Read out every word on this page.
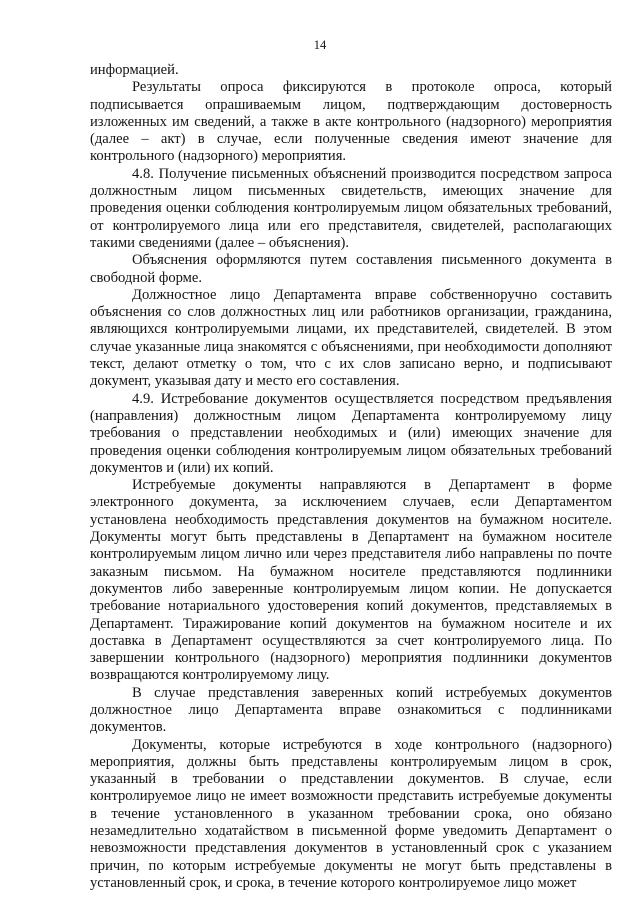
14

информацией.

Результаты опроса фиксируются в протоколе опроса, который подписывается опрашиваемым лицом, подтверждающим достоверность изложенных им сведений, а также в акте контрольного (надзорного) мероприятия (далее – акт) в случае, если полученные сведения имеют значение для контрольного (надзорного) мероприятия.

4.8. Получение письменных объяснений производится посредством запроса должностным лицом письменных свидетельств, имеющих значение для проведения оценки соблюдения контролируемым лицом обязательных требований, от контролируемого лица или его представителя, свидетелей, располагающих такими сведениями (далее – объяснения).

Объяснения оформляются путем составления письменного документа в свободной форме.

Должностное лицо Департамента вправе собственноручно составить объяснения со слов должностных лиц или работников организации, гражданина, являющихся контролируемыми лицами, их представителей, свидетелей. В этом случае указанные лица знакомятся с объяснениями, при необходимости дополняют текст, делают отметку о том, что с их слов записано верно, и подписывают документ, указывая дату и место его составления.

4.9. Истребование документов осуществляется посредством предъявления (направления) должностным лицом Департамента контролируемому лицу требования о представлении необходимых и (или) имеющих значение для проведения оценки соблюдения контролируемым лицом обязательных требований документов и (или) их копий.

Истребуемые документы направляются в Департамент в форме электронного документа, за исключением случаев, если Департаментом установлена необходимость представления документов на бумажном носителе. Документы могут быть представлены в Департамент на бумажном носителе контролируемым лицом лично или через представителя либо направлены по почте заказным письмом. На бумажном носителе представляются подлинники документов либо заверенные контролируемым лицом копии. Не допускается требование нотариального удостоверения копий документов, представляемых в Департамент. Тиражирование копий документов на бумажном носителе и их доставка в Департамент осуществляются за счет контролируемого лица. По завершении контрольного (надзорного) мероприятия подлинники документов возвращаются контролируемому лицу.

В случае представления заверенных копий истребуемых документов должностное лицо Департамента вправе ознакомиться с подлинниками документов.

Документы, которые истребуются в ходе контрольного (надзорного) мероприятия, должны быть представлены контролируемым лицом в срок, указанный в требовании о представлении документов. В случае, если контролируемое лицо не имеет возможности представить истребуемые документы в течение установленного в указанном требовании срока, оно обязано незамедлительно ходатайством в письменной форме уведомить Департамент о невозможности представления документов в установленный срок с указанием причин, по которым истребуемые документы не могут быть представлены в установленный срок, и срока, в течение которого контролируемое лицо может
